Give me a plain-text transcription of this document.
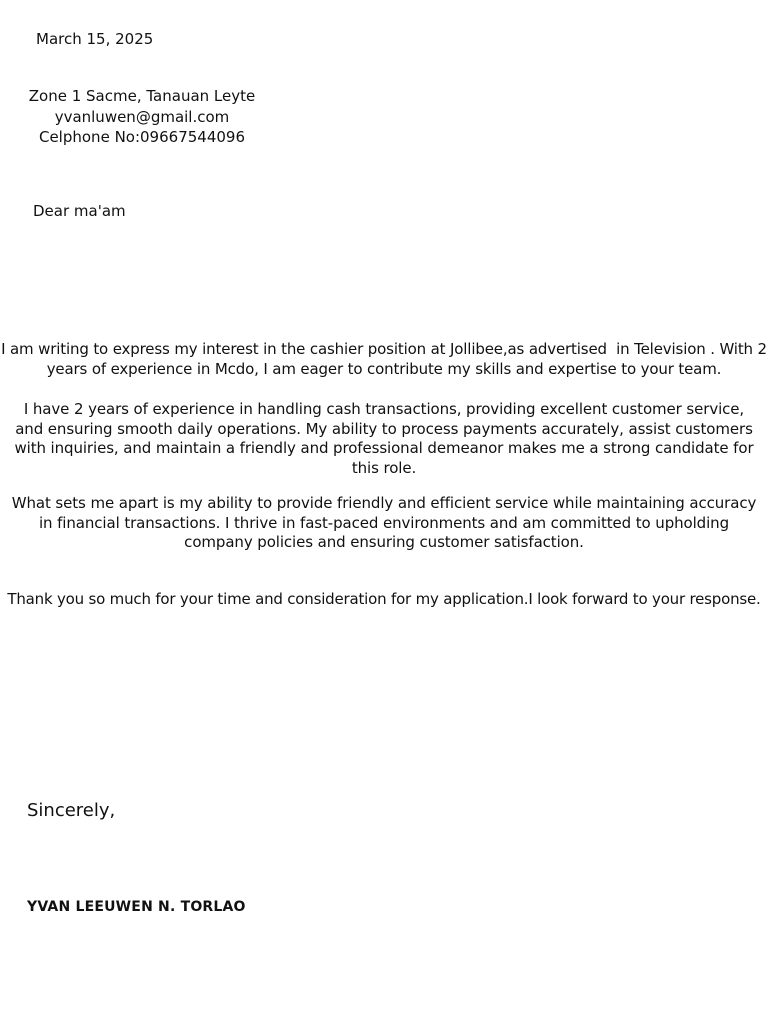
March 15, 2025
Zone 1 Sacme, Tanauan Leyte
yvanluwen@gmail.com
Celphone No:09667544096
Dear ma'am

I am writing to express my interest in the cashier position at Jollibee,as advertised  in Television . With 2 years of experience in Mcdo, I am eager to contribute my skills and expertise to your team.

I have 2 years of experience in handling cash transactions, providing excellent customer service, and ensuring smooth daily operations. My ability to process payments accurately, assist customers with inquiries, and maintain a friendly and professional demeanor makes me a strong candidate for this role.

What sets me apart is my ability to provide friendly and efficient service while maintaining accuracy in financial transactions. I thrive in fast-paced environments and am committed to upholding company policies and ensuring customer satisfaction.

Thank you so much for your time and consideration for my application.I look forward to your response.

Sincerely,
YVAN LEEUWEN N. TORLAO
